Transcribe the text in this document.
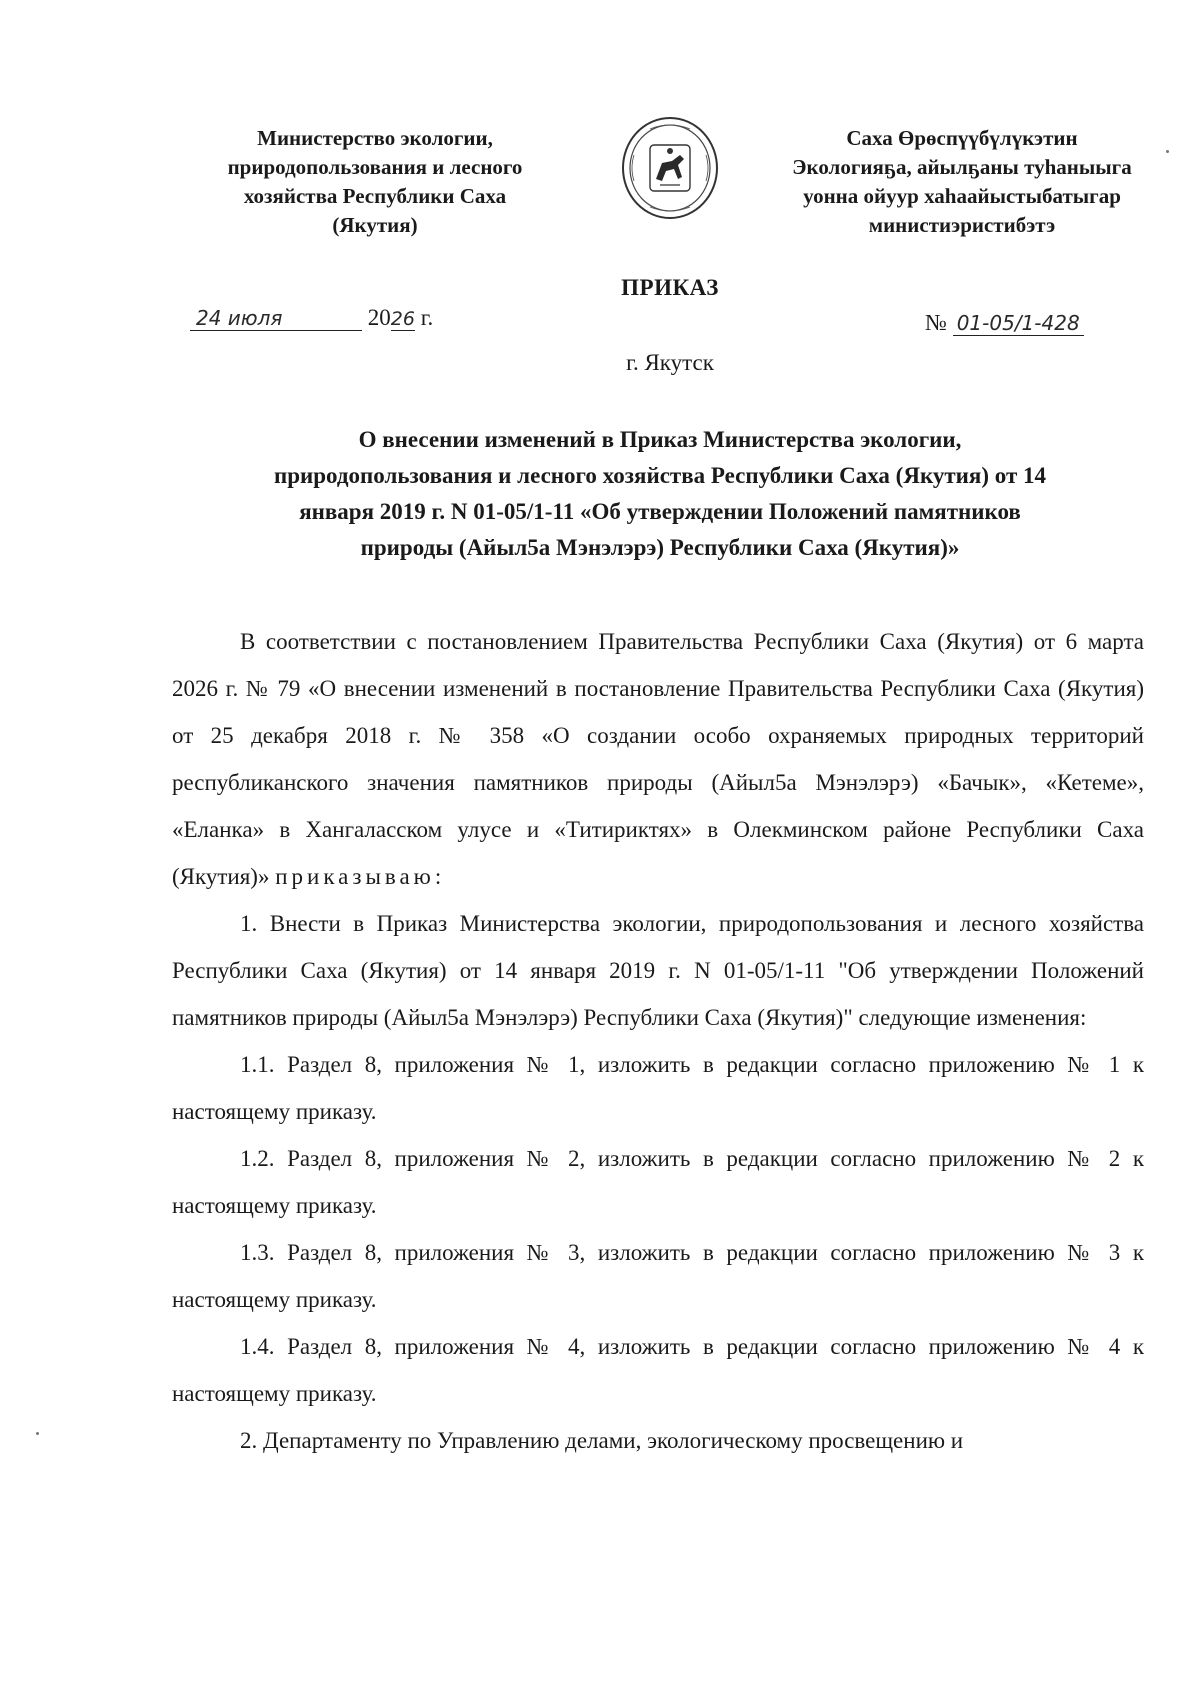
Министерство экологии,
природопользования и лесного
хозяйства Республики Саха
(Якутия)
Саха Өрөспүүбүлүкэтин
Экологияҕа, айылҕаны туһаныыга
уонна ойуур хаһаайыстыбатыгар
министиэристибэтэ
ПРИКАЗ
24 июля	2026 г.	№ 01-05/1-428
г. Якутск
О внесении изменений в Приказ Министерства экологии,
природопользования и лесного хозяйства Республики Саха (Якутия) от 14
января 2019 г. N 01-05/1-11 «Об утверждении Положений памятников
природы (Айыл5а Мэнэлэрэ) Республики Саха (Якутия)»

В соответствии с постановлением Правительства Республики Саха (Якутия) от 6 марта 2026 г. № 79 «О внесении изменений в постановление Правительства Республики Саха (Якутия) от 25 декабря 2018 г. № 358 «О создании особо охраняемых природных территорий республиканского значения памятников природы (Айыл5а Мэнэлэрэ) «Бачык», «Кетеме», «Еланка» в Хангаласском улусе и «Титириктях» в Олекминском районе Республики Саха (Якутия)» приказываю:

1. Внести в Приказ Министерства экологии, природопользования и лесного хозяйства Республики Саха (Якутия) от 14 января 2019 г. N 01-05/1-11 "Об утверждении Положений памятников природы (Айыл5а Мэнэлэрэ) Республики Саха (Якутия)" следующие изменения:

1.1. Раздел 8, приложения № 1, изложить в редакции согласно приложению № 1 к настоящему приказу.

1.2. Раздел 8, приложения № 2, изложить в редакции согласно приложению № 2 к настоящему приказу.

1.3. Раздел 8, приложения № 3, изложить в редакции согласно приложению № 3 к настоящему приказу.

1.4. Раздел 8, приложения № 4, изложить в редакции согласно приложению № 4 к настоящему приказу.

2. Департаменту по Управлению делами, экологическому просвещению и
